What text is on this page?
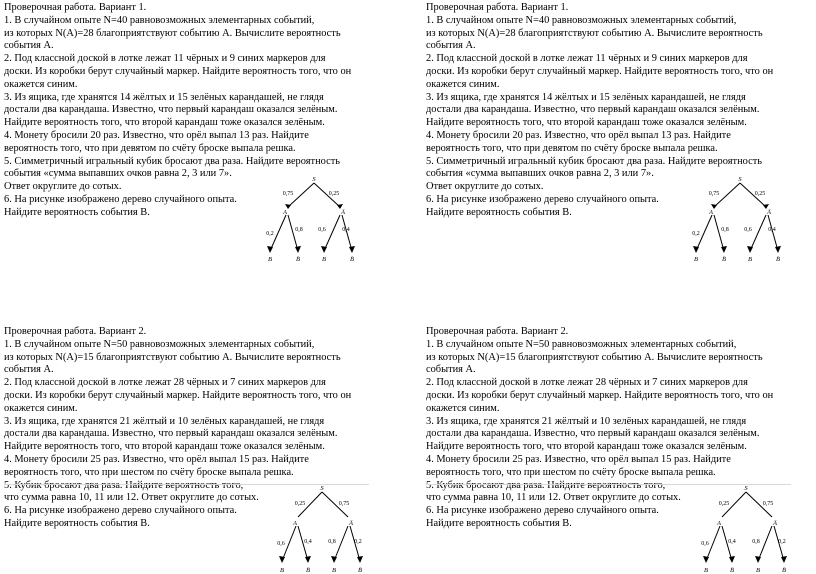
Проверочная работа. Вариант 1.

1. В случайном опыте N=40 равновозможных элементарных событий,

из которых N(A)=28 благоприятствуют событию А. Вычислите вероятность

события А.

2. Под классной доской в лотке лежат 11 чёрных и 9 синих маркеров для

доски. Из коробки берут случайный маркер. Найдите вероятность того, что он

окажется синим.

3. Из ящика, где хранятся 14 жёлтых и 15 зелёных карандашей, не глядя

достали два карандаша. Известно, что первый карандаш оказался зелёным.

Найдите вероятность того, что второй карандаш тоже оказался зелёным.

4. Монету бросили 20 раз. Известно, что орёл выпал 13 раз. Найдите

вероятность того, что при девятом по счёту броске выпала решка.

5. Симметричный игральный кубик бросают два раза. Найдите вероятность

события «сумма выпавших очков равна 2, 3 или 7».

Ответ округлите до сотых.

6. На рисунке изображено дерево случайного опыта.

Найдите вероятность события В.

S
A	Ā
0,75	0,25
0,2
0,8	0,6	0,4
B	B̄	B	B̄

Проверочная работа. Вариант 1.

1. В случайном опыте N=40 равновозможных элементарных событий,

из которых N(A)=28 благоприятствуют событию А. Вычислите вероятность

события А.

2. Под классной доской в лотке лежат 11 чёрных и 9 синих маркеров для

доски. Из коробки берут случайный маркер. Найдите вероятность того, что он

окажется синим.

3. Из ящика, где хранятся 14 жёлтых и 15 зелёных карандашей, не глядя

достали два карандаша. Известно, что первый карандаш оказался зелёным.

Найдите вероятность того, что второй карандаш тоже оказался зелёным.

4. Монету бросили 20 раз. Известно, что орёл выпал 13 раз. Найдите

вероятность того, что при девятом по счёту броске выпала решка.

5. Симметричный игральный кубик бросают два раза. Найдите вероятность

события «сумма выпавших очков равна 2, 3 или 7».

Ответ округлите до сотых.

6. На рисунке изображено дерево случайного опыта.

Найдите вероятность события В.

S
A	Ā
0,75	0,25
0,2
0,8	0,6	0,4
B	B̄	B	B̄

Проверочная работа. Вариант 2.

1. В случайном опыте N=50 равновозможных элементарных событий,

из которых N(A)=15 благоприятствуют событию А. Вычислите вероятность

события А.

2. Под классной доской в лотке лежат 28 чёрных и 7 синих маркеров для

доски. Из коробки берут случайный маркер. Найдите вероятность того, что он

окажется синим.

3. Из ящика, где хранятся 21 жёлтый и 10 зелёных карандашей, не глядя

достали два карандаша. Известно, что первый карандаш оказался зелёным.

Найдите вероятность того, что второй карандаш тоже оказался зелёным.

4. Монету бросили 25 раз. Известно, что орёл выпал 15 раз. Найдите

вероятность того, что при шестом по счёту броске выпала решка.

5. Кубик бросают два раза. Найдите вероятность того,

что сумма равна 10, 11 или 12. Ответ округлите до сотых.

6. На рисунке изображено дерево случайного опыта.

Найдите вероятность события В.

S
A	Ā
0,25	0,75
0,6	0,4	0,8	0,2
B	B̄	B	B̄

Проверочная работа. Вариант 2.

1. В случайном опыте N=50 равновозможных элементарных событий,

из которых N(A)=15 благоприятствуют событию А. Вычислите вероятность

события А.

2. Под классной доской в лотке лежат 28 чёрных и 7 синих маркеров для

доски. Из коробки берут случайный маркер. Найдите вероятность того, что он

окажется синим.

3. Из ящика, где хранятся 21 жёлтый и 10 зелёных карандашей, не глядя

достали два карандаша. Известно, что первый карандаш оказался зелёным.

Найдите вероятность того, что второй карандаш тоже оказался зелёным.

4. Монету бросили 25 раз. Известно, что орёл выпал 15 раз. Найдите

вероятность того, что при шестом по счёту броске выпала решка.

5. Кубик бросают два раза. Найдите вероятность того,

что сумма равна 10, 11 или 12. Ответ округлите до сотых.

6. На рисунке изображено дерево случайного опыта.

Найдите вероятность события В.

S
A	Ā
0,25	0,75
0,6	0,4	0,8	0,2
B	B̄	B	B̄
